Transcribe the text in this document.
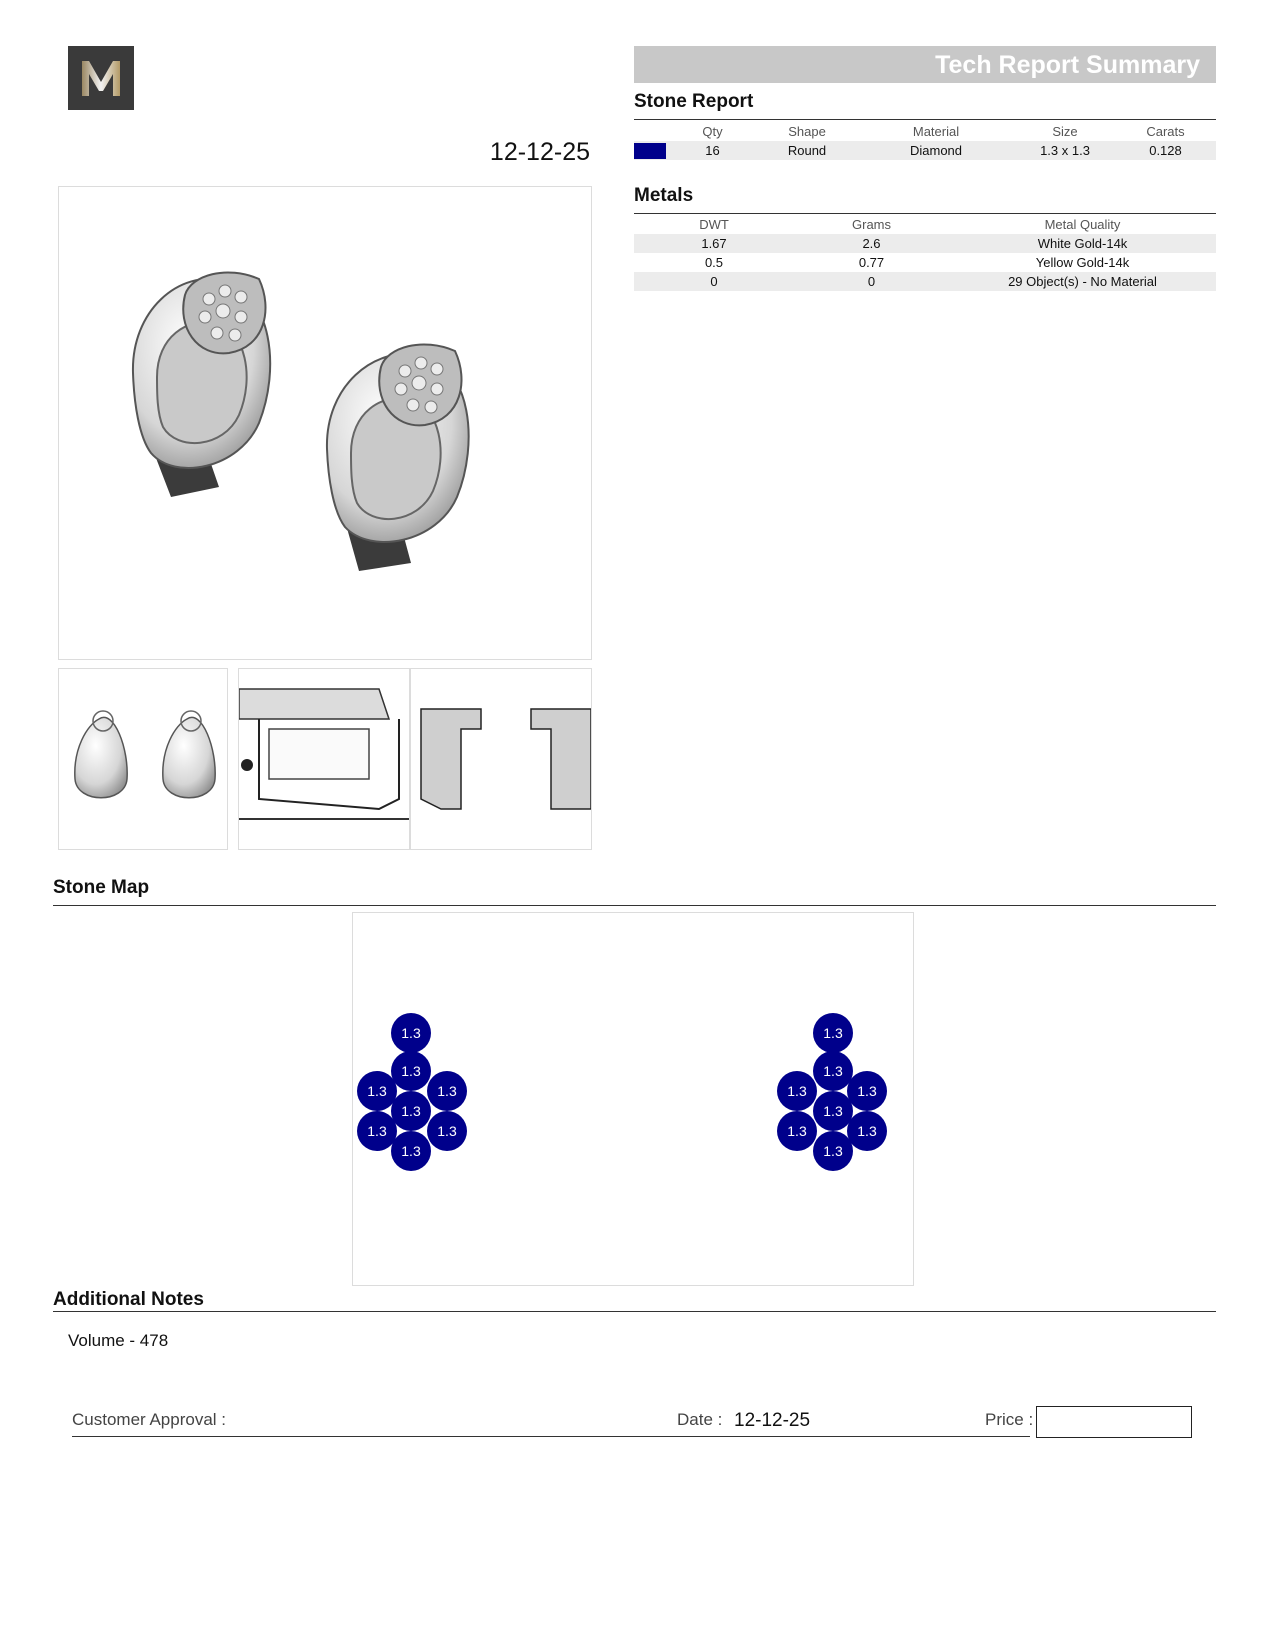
12-12-25
Tech Report Summary
Stone Report
	Qty	Shape	Material	Size	Carats
	16	Round	Diamond	1.3 x 1.3	0.128
Metals
DWT	Grams	Metal Quality
1.67	2.6	White Gold-14k
0.5	0.77	Yellow Gold-14k
0	0	29 Object(s) - No Material
Stone Map
1.3
1.3
1.3	1.3
1.3
1.3	1.3
1.3
1.3
1.3
1.3	1.3
1.3
1.3	1.3
1.3
Additional Notes
Volume - 478
Customer Approval :	Date : 12-12-25	Price :
